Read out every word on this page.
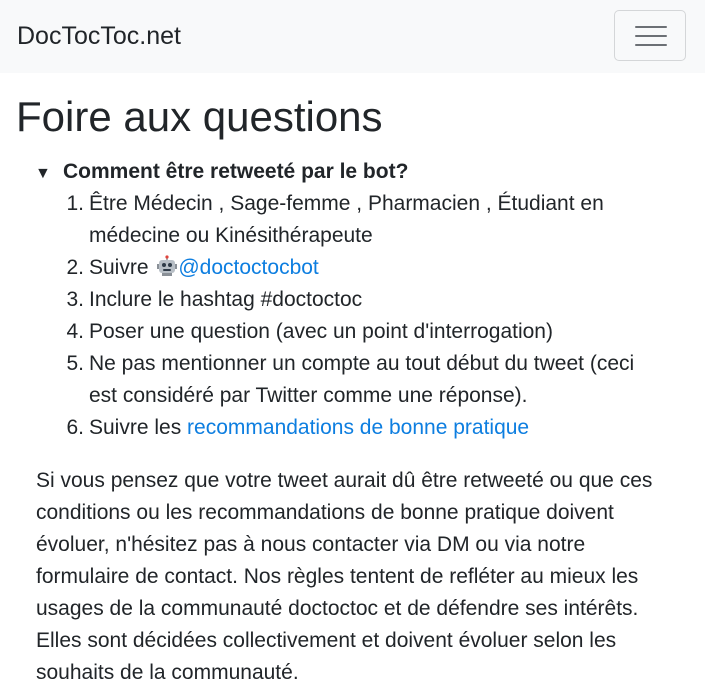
DocTocToc.net
Foire aux questions
▼ Comment être retweeté par le bot?
1. Être Médecin , Sage-femme , Pharmacien , Étudiant en
médecine ou Kinésithérapeute
2. Suivre @doctoctocbot
3. Inclure le hashtag #doctoctoc
4. Poser une question (avec un point d'interrogation)
5. Ne pas mentionner un compte au tout début du tweet (ceci
est considéré par Twitter comme une réponse).
6. Suivre les recommandations de bonne pratique
Si vous pensez que votre tweet aurait dû être retweeté ou que ces
conditions ou les recommandations de bonne pratique doivent
évoluer, n'hésitez pas à nous contacter via DM ou via notre
formulaire de contact. Nos règles tentent de refléter au mieux les
usages de la communauté doctoctoc et de défendre ses intérêts.
Elles sont décidées collectivement et doivent évoluer selon les
souhaits de la communauté.
